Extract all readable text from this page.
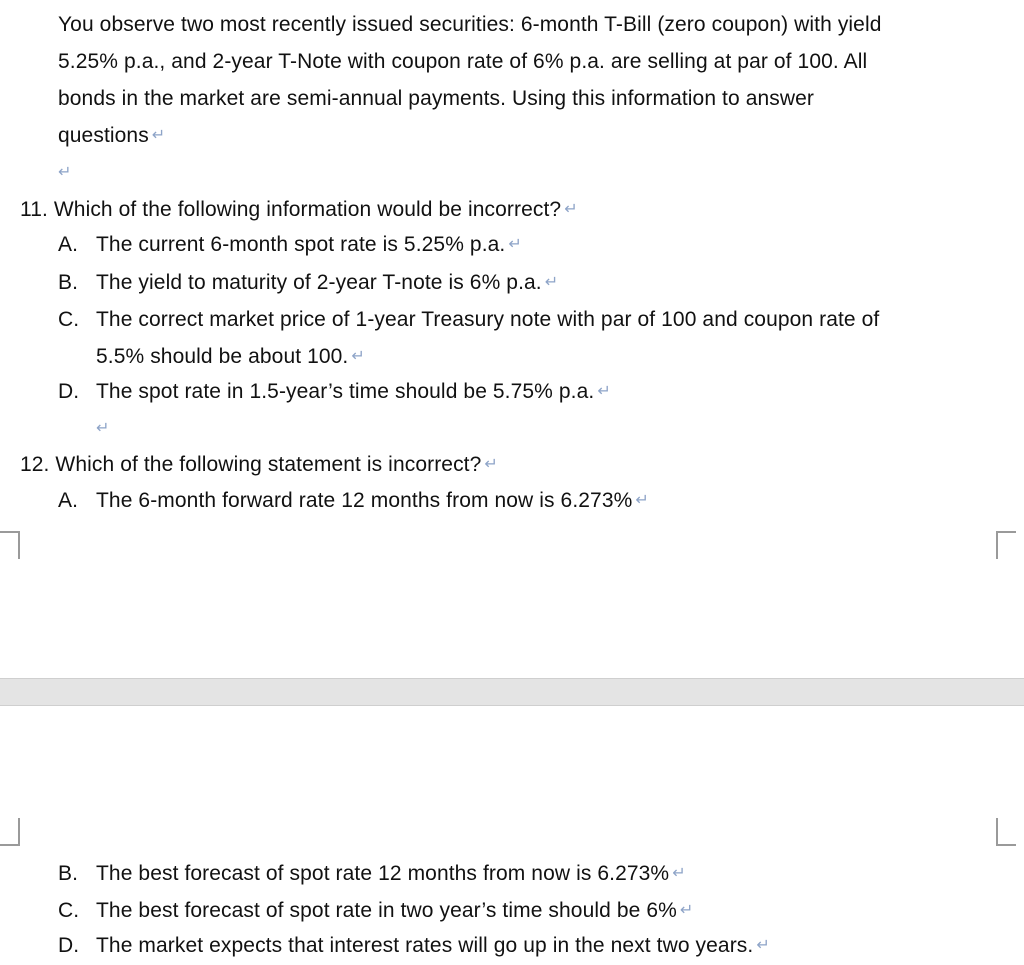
You observe two most recently issued securities: 6-month T-Bill (zero coupon) with yield
5.25% p.a., and 2-year T-Note with coupon rate of 6% p.a. are selling at par of 100. All
bonds in the market are semi-annual payments. Using this information to answer
questions ↵
↵
11. Which of the following information would be incorrect? ↵
A. The current 6-month spot rate is 5.25% p.a. ↵
B. The yield to maturity of 2-year T-note is 6% p.a. ↵
C. The correct market price of 1-year Treasury note with par of 100 and coupon rate of
5.5% should be about 100. ↵
D. The spot rate in 1.5-year’s time should be 5.75% p.a. ↵
↵
12. Which of the following statement is incorrect? ↵
A. The 6-month forward rate 12 months from now is 6.273% ↵
B. The best forecast of spot rate 12 months from now is 6.273% ↵
C. The best forecast of spot rate in two year’s time should be 6% ↵
D. The market expects that interest rates will go up in the next two years. ↵
